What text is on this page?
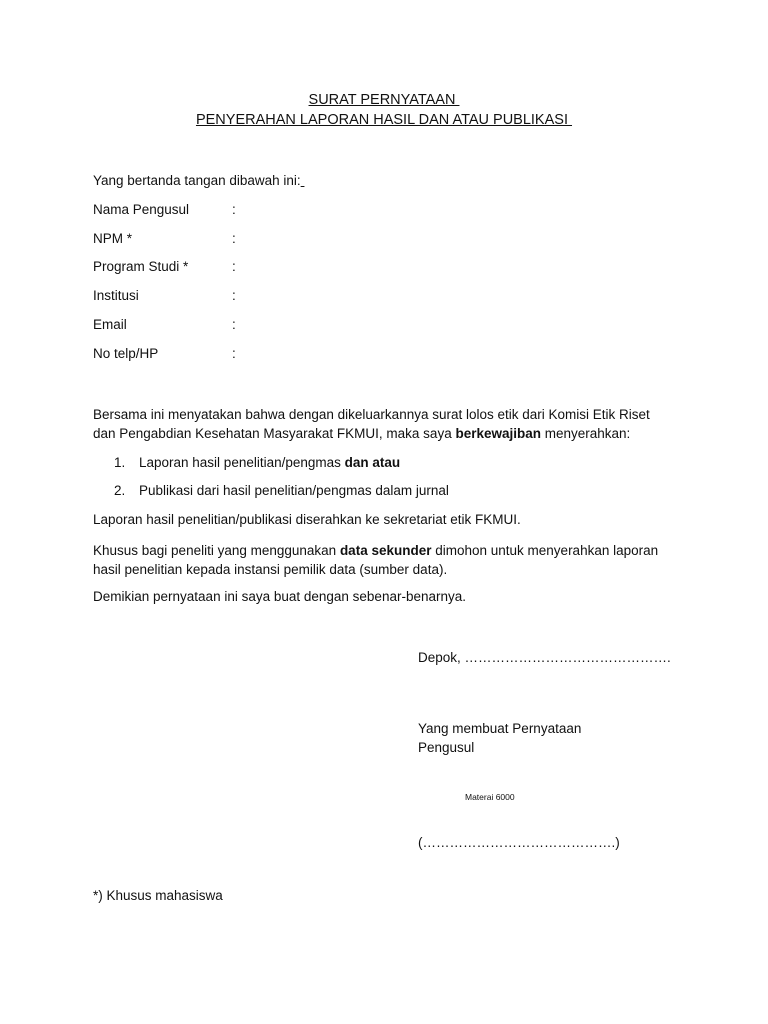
SURAT PERNYATAAN
PENYERAHAN LAPORAN HASIL DAN ATAU PUBLIKASI
Yang bertanda tangan dibawah ini:
Nama Pengusul	:
NPM *	:
Program Studi *	:
Institusi	:
Email	:
No telp/HP	:
Bersama ini menyatakan bahwa dengan dikeluarkannya surat lolos etik dari Komisi Etik Riset
dan Pengabdian Kesehatan Masyarakat FKMUI, maka saya berkewajiban menyerahkan:
1. Laporan hasil penelitian/pengmas dan atau
2. Publikasi dari hasil penelitian/pengmas dalam jurnal
Laporan hasil penelitian/publikasi diserahkan ke sekretariat etik FKMUI.
Khusus bagi peneliti yang menggunakan data sekunder dimohon untuk menyerahkan laporan
hasil penelitian kepada instansi pemilik data (sumber data).
Demikian pernyataan ini saya buat dengan sebenar-benarnya.
Depok, ……………………………………….
Yang membuat Pernyataan
Pengusul
Materai 6000
(…………………………………….)
*) Khusus mahasiswa
